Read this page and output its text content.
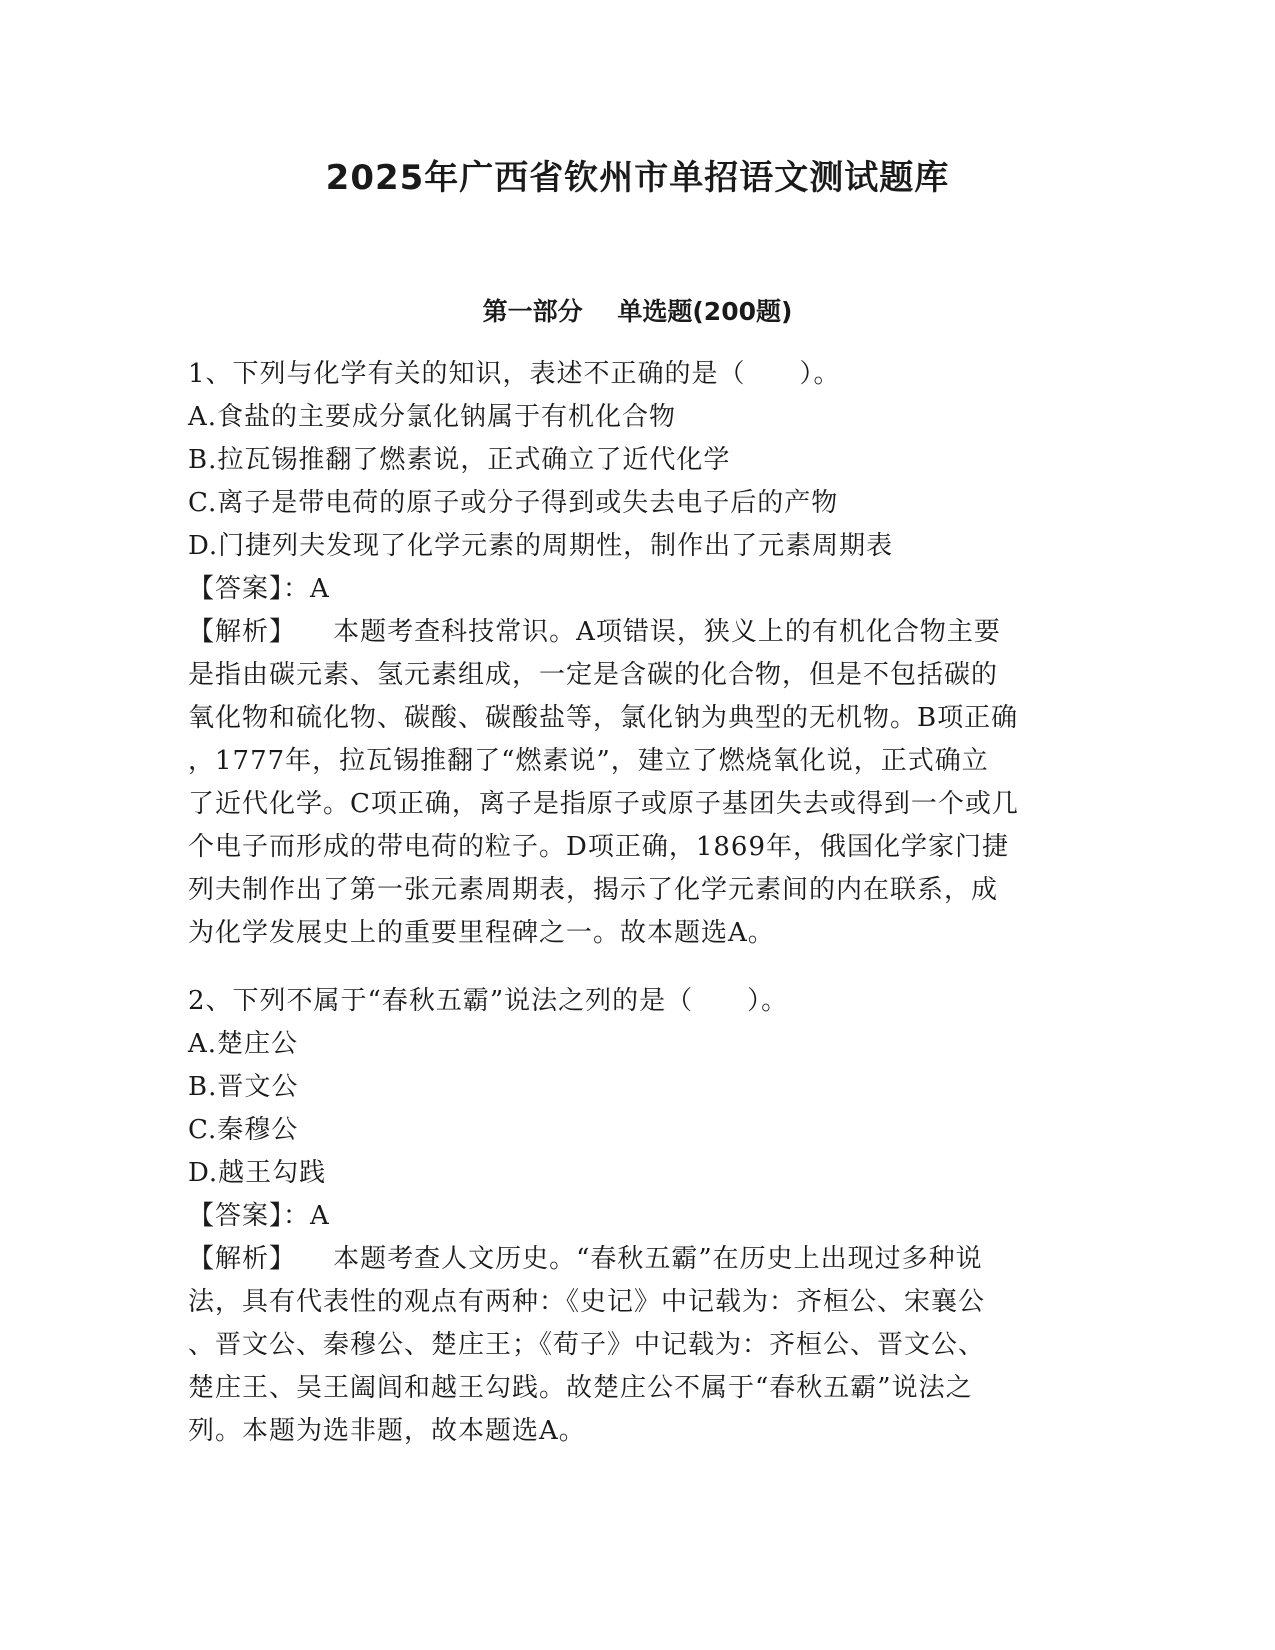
2025年广西省钦州市单招语文测试题库
第一部分    单选题(200题)
1、下列与化学有关的知识，表述不正确的是（　　）。
A.食盐的主要成分氯化钠属于有机化合物
B.拉瓦锡推翻了燃素说，正式确立了近代化学
C.离子是带电荷的原子或分子得到或失去电子后的产物
D.门捷列夫发现了化学元素的周期性，制作出了元素周期表
【答案】：A
【解析】 本题考查科技常识。A项错误，狭义上的有机化合物主要
是指由碳元素、氢元素组成，一定是含碳的化合物，但是不包括碳的
氧化物和硫化物、碳酸、碳酸盐等，氯化钠为典型的无机物。B项正确
，1777年，拉瓦锡推翻了“燃素说”，建立了燃烧氧化说，正式确立
了近代化学。C项正确，离子是指原子或原子基团失去或得到一个或几
个电子而形成的带电荷的粒子。D项正确，1869年，俄国化学家门捷
列夫制作出了第一张元素周期表，揭示了化学元素间的内在联系，成
为化学发展史上的重要里程碑之一。故本题选A。
2、下列不属于“春秋五霸”说法之列的是（　　）。
A.楚庄公
B.晋文公
C.秦穆公
D.越王勾践
【答案】：A
【解析】 本题考查人文历史。“春秋五霸”在历史上出现过多种说
法，具有代表性的观点有两种：《史记》中记载为：齐桓公、宋襄公
、晋文公、秦穆公、楚庄王；《荀子》中记载为：齐桓公、晋文公、
楚庄王、吴王阖闾和越王勾践。故楚庄公不属于“春秋五霸”说法之
列。本题为选非题，故本题选A。
